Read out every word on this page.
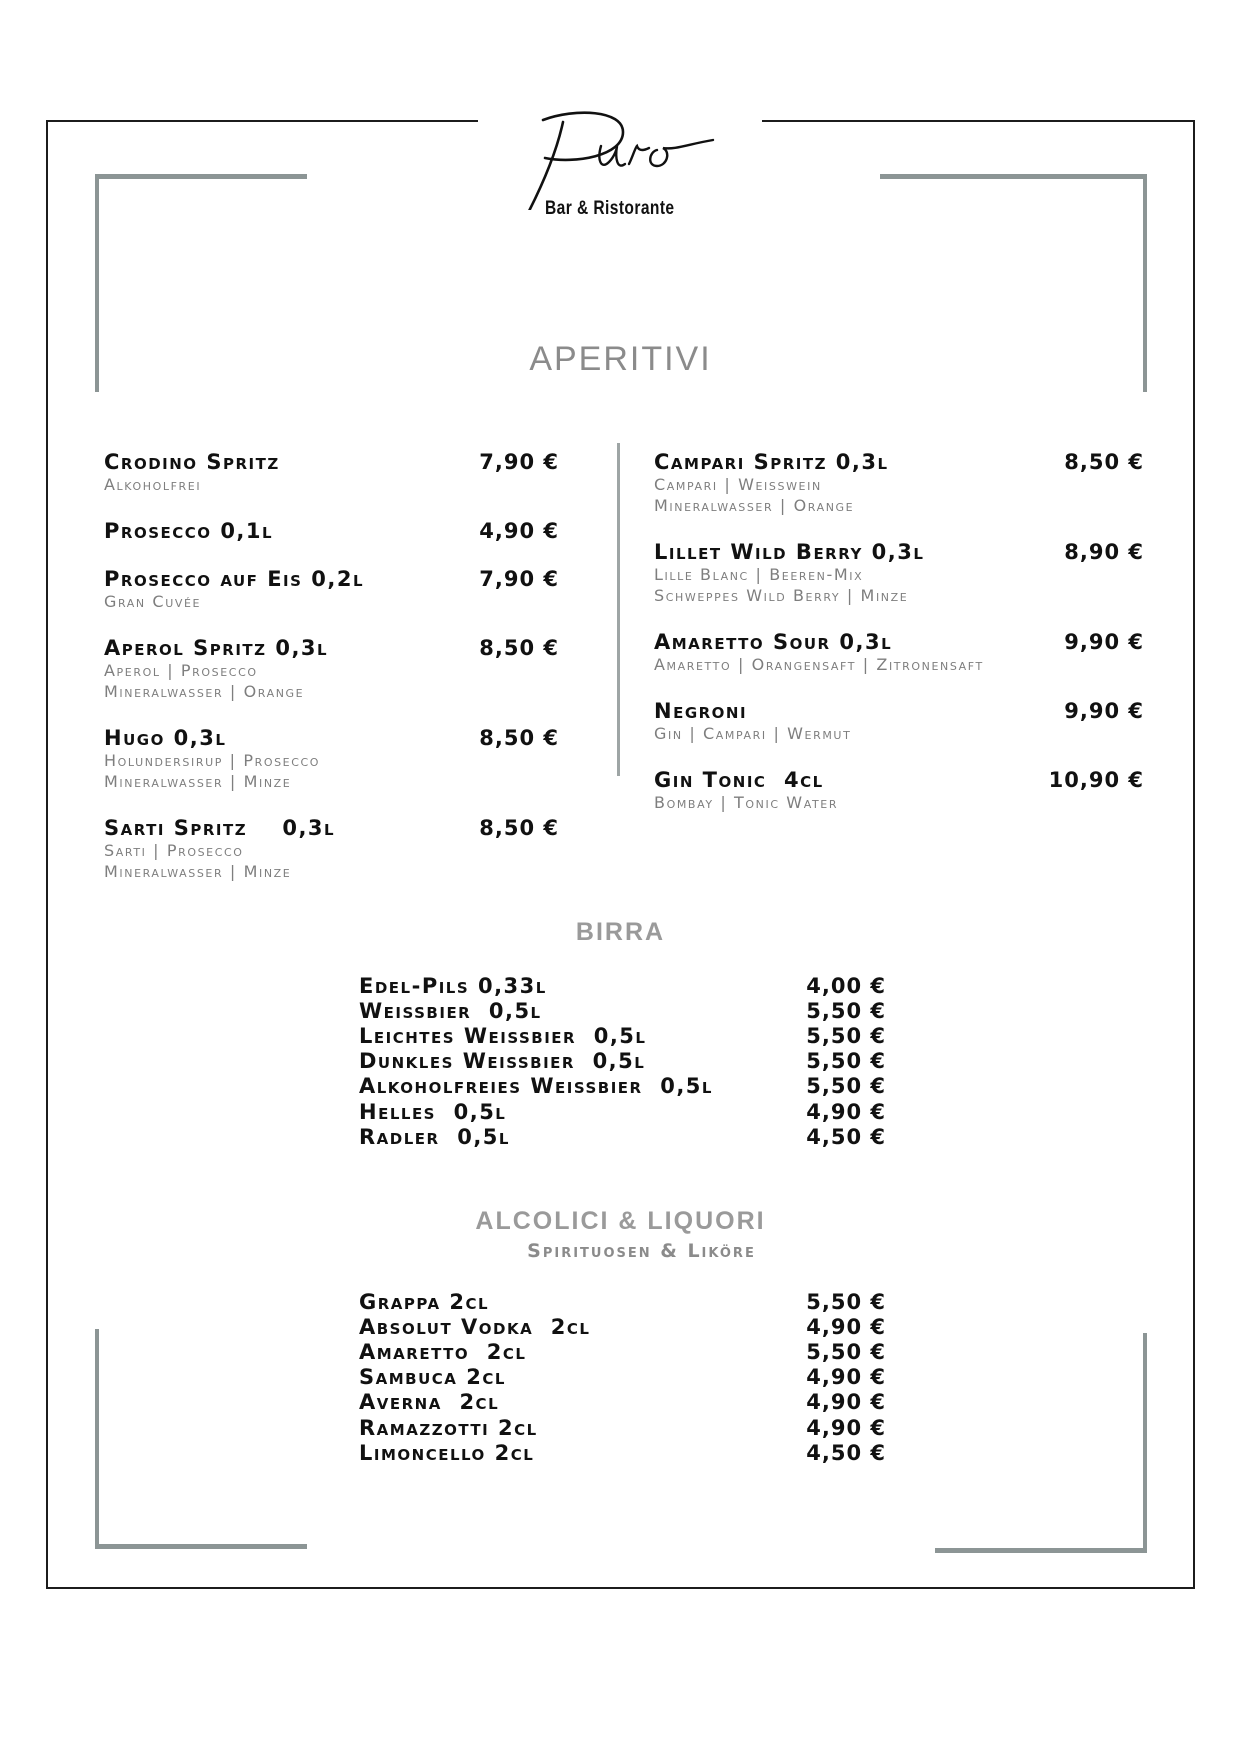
Bar & Ristorante
APERITIVI
Crodino Spritz	7,90 €
Alkoholfrei
Prosecco 0,1l	4,90 €
Prosecco auf Eis 0,2l	7,90 €
Gran Cuvée
Aperol Spritz 0,3l	8,50 €
Aperol | Prosecco
Mineralwasser | Orange
Hugo 0,3l	8,50 €
Holundersirup | Prosecco
Mineralwasser | Minze
Sarti Spritz    0,3l	8,50 €
Sarti | Prosecco
Mineralwasser | Minze
Campari Spritz 0,3l	8,50 €
Campari | Weisswein
Mineralwasser | Orange
Lillet Wild Berry 0,3l	8,90 €
Lille Blanc | Beeren-Mix
Schweppes Wild Berry | Minze
Amaretto Sour 0,3l	9,90 €
Amaretto | Orangensaft | Zitronensaft
Negroni	9,90 €
Gin | Campari | Wermut
Gin Tonic  4cl	10,90 €
Bombay | Tonic Water
BIRRA
Edel-Pils 0,33l	4,00 €
Weissbier  0,5l	5,50 €
Leichtes Weissbier  0,5l	5,50 €
Dunkles Weissbier  0,5l	5,50 €
Alkoholfreies Weissbier  0,5l	5,50 €
Helles  0,5l	4,90 €
Radler  0,5l	4,50 €
ALCOLICI & LIQUORI
Spirituosen & Liköre
Grappa 2cl	5,50 €
Absolut Vodka  2cl	4,90 €
Amaretto  2cl	5,50 €
Sambuca 2cl	4,90 €
Averna  2cl	4,90 €
Ramazzotti 2cl	4,90 €
Limoncello 2cl	4,50 €
